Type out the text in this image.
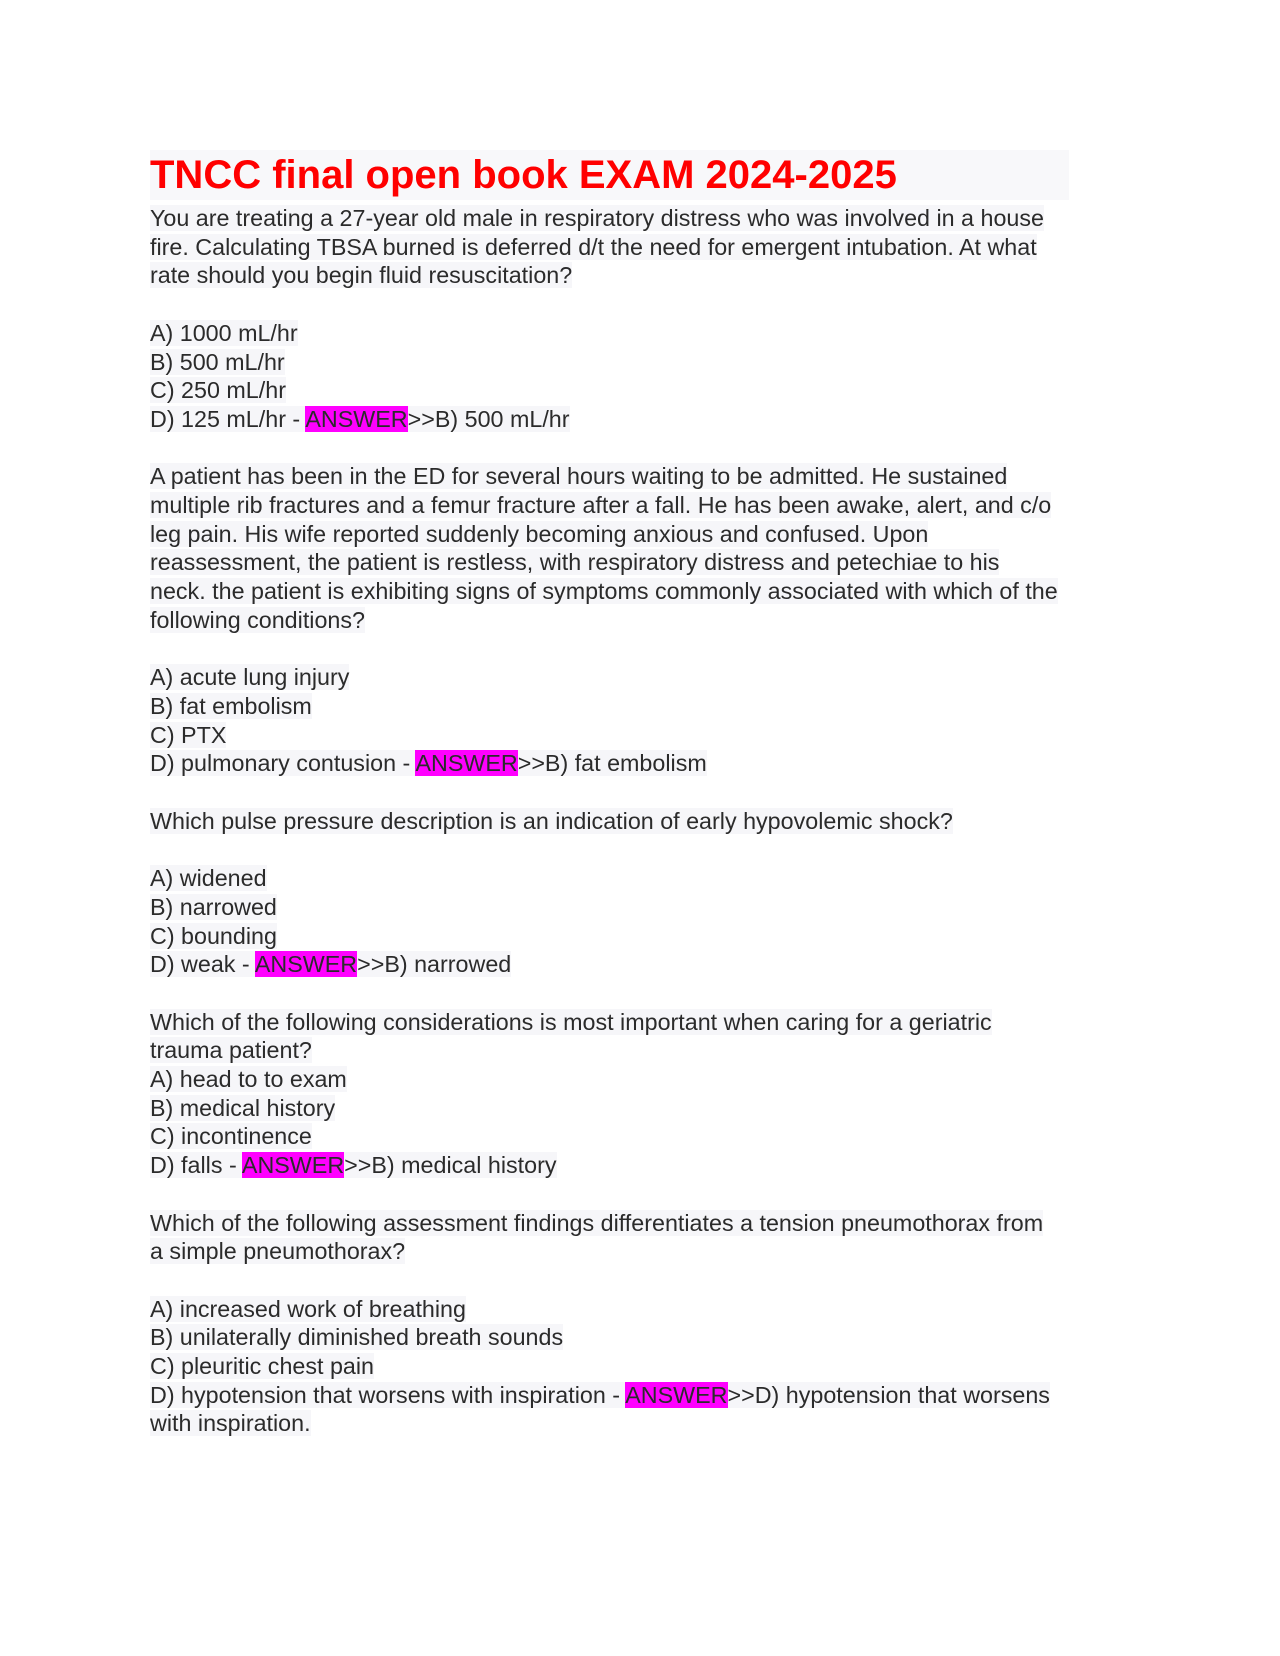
TNCC final open book EXAM 2024-2025
You are treating a 27-year old male in respiratory distress who was involved in a house
fire. Calculating TBSA burned is deferred d/t the need for emergent intubation. At what
rate should you begin fluid resuscitation?
A) 1000 mL/hr
B) 500 mL/hr
C) 250 mL/hr
D) 125 mL/hr - ANSWER>>B) 500 mL/hr
A patient has been in the ED for several hours waiting to be admitted. He sustained
multiple rib fractures and a femur fracture after a fall. He has been awake, alert, and c/o
leg pain. His wife reported suddenly becoming anxious and confused. Upon
reassessment, the patient is restless, with respiratory distress and petechiae to his
neck. the patient is exhibiting signs of symptoms commonly associated with which of the
following conditions?
A) acute lung injury
B) fat embolism
C) PTX
D) pulmonary contusion - ANSWER>>B) fat embolism
Which pulse pressure description is an indication of early hypovolemic shock?
A) widened
B) narrowed
C) bounding
D) weak - ANSWER>>B) narrowed
Which of the following considerations is most important when caring for a geriatric
trauma patient?
A) head to to exam
B) medical history
C) incontinence
D) falls - ANSWER>>B) medical history
Which of the following assessment findings differentiates a tension pneumothorax from
a simple pneumothorax?
A) increased work of breathing
B) unilaterally diminished breath sounds
C) pleuritic chest pain
D) hypotension that worsens with inspiration - ANSWER>>D) hypotension that worsens
with inspiration.
